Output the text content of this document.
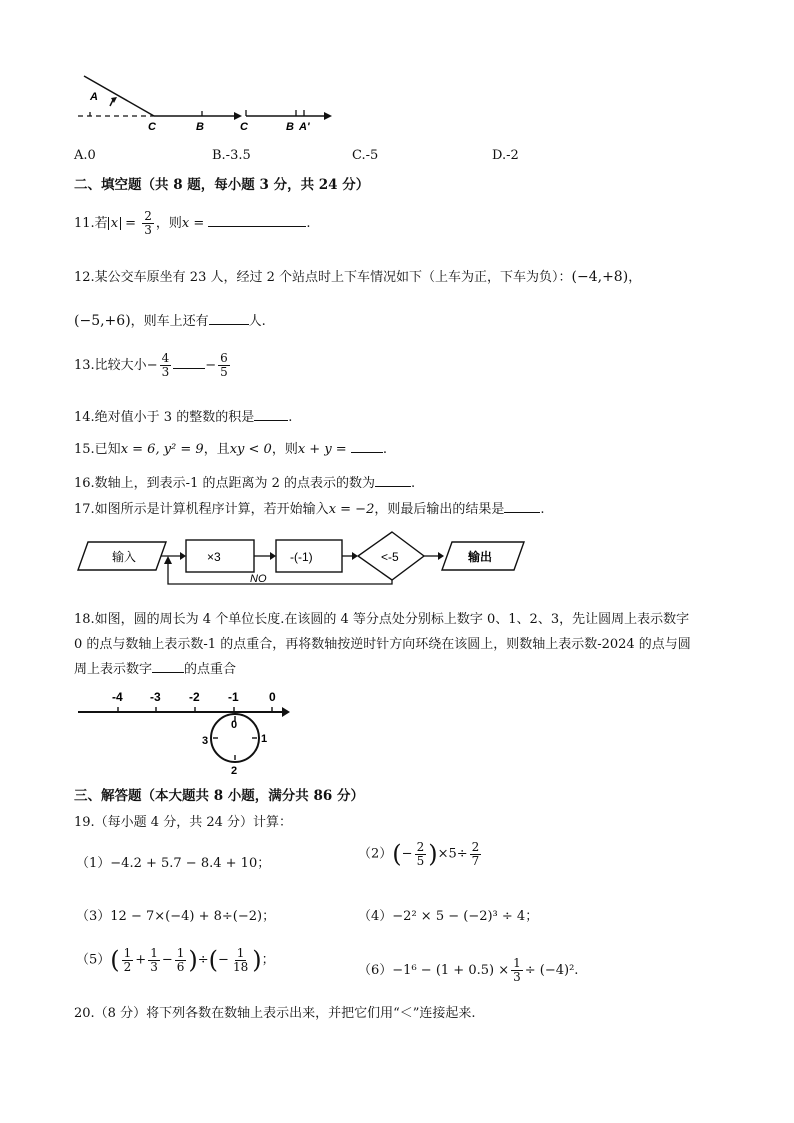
A
C	B	C	B A'
A.0	B.-3.5	C.-5	D.-2
二、填空题（共 8 题，每小题 3 分，共 24 分）
11.若 $x = \frac{2}{3}$ ，则x =	.
12.某公交车原坐有 23 人，经过 2 个站点时上下车情况如下（上车为正，下车为负）：(−4,+8)，
(−5,+6)，则车上还有	人.
13.比较大小− $\frac{4}{3}$	− $\frac{6}{5}$
14.绝对值小于 3 的整数的积是	.
15.已知x = 6, y² = 9，且xy < 0，则x + y =	.
16.数轴上，到表示-1 的点距离为 2 的点表示的数为	.
17.如图所示是计算机程序计算，若开始输入x = −2，则最后输出的结果是	.
输入	×3	-(-1)	<-5	输出
NO
18.如图，圆的周长为 4 个单位长度.在该圆的 4 等分点处分别标上数字 0、1、2、3，先让圆周上表示数字
0 的点与数轴上表示数-1 的点重合，再将数轴按逆时针方向环绕在该圆上，则数轴上表示数-2024 的点与圆
周上表示数字 的点重合
-4 -3 -2 -1	0
0
1
2
3
三、解答题（本大题共 8 小题，满分共 86 分）
19.（每小题 4 分，共 24 分）计算：
（1）−4.2 + 5.7 − 8.4 + 10；
$(2)(- \frac{2}{5} )\times 5\div \frac{2}{7}$
（3）12 − 7×(−4) + 8÷(−2)；	（4）−2² × 5 − (−2)³ ÷ 4；
$(5)( \frac{1}{2} + \frac{1}{3} - \frac{1}{6}$ )÷(− $\frac{1}{18}$ )；
$(6)-1^6 - (1 + 0.5) \times \frac{1}{3} \div (-4)^2$.
20.（8 分）将下列各数在数轴上表示出来，并把它们用“＜”连接起来.
